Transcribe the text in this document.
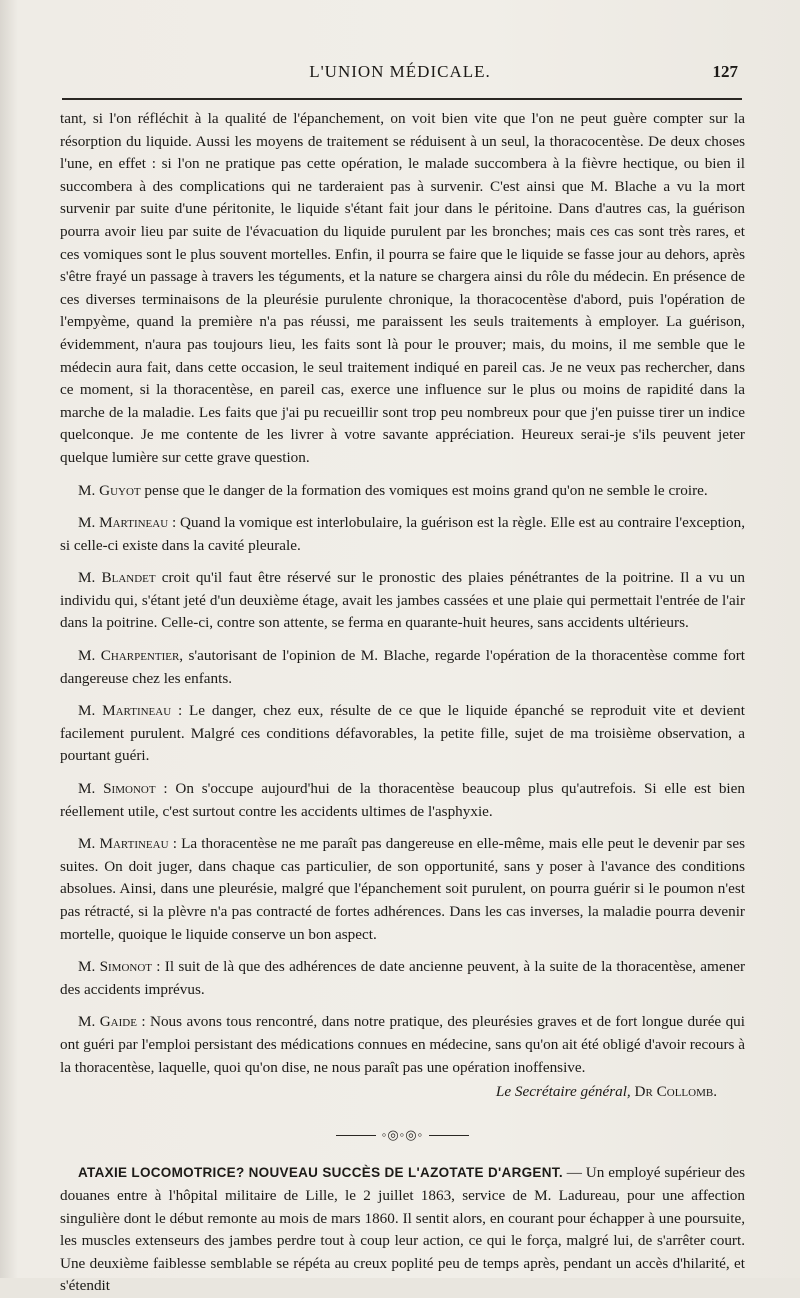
L'UNION MÉDICALE.	127

tant, si l'on réfléchit à la qualité de l'épanchement, on voit bien vite que l'on ne peut guère compter sur la résorption du liquide. Aussi les moyens de traitement se réduisent à un seul, la thoracocentèse. De deux choses l'une, en effet : si l'on ne pratique pas cette opération, le malade succombera à la fièvre hectique, ou bien il succombera à des complications qui ne tarderaient pas à survenir. C'est ainsi que M. Blache a vu la mort survenir par suite d'une péritonite, le liquide s'étant fait jour dans le péritoine. Dans d'autres cas, la guérison pourra avoir lieu par suite de l'évacuation du liquide purulent par les bronches; mais ces cas sont très rares, et ces vomiques sont le plus souvent mortelles. Enfin, il pourra se faire que le liquide se fasse jour au dehors, après s'être frayé un passage à travers les téguments, et la nature se chargera ainsi du rôle du médecin. En présence de ces diverses terminaisons de la pleurésie purulente chronique, la thoracocentèse d'abord, puis l'opération de l'empyème, quand la première n'a pas réussi, me paraissent les seuls traitements à employer. La guérison, évidemment, n'aura pas toujours lieu, les faits sont là pour le prouver; mais, du moins, il me semble que le médecin aura fait, dans cette occasion, le seul traitement indiqué en pareil cas. Je ne veux pas rechercher, dans ce moment, si la thoracentèse, en pareil cas, exerce une influence sur le plus ou moins de rapidité dans la marche de la maladie. Les faits que j'ai pu recueillir sont trop peu nombreux pour que j'en puisse tirer un indice quelconque. Je me contente de les livrer à votre savante appréciation. Heureux serai-je s'ils peuvent jeter quelque lumière sur cette grave question.

M. Guyot pense que le danger de la formation des vomiques est moins grand qu'on ne semble le croire.

M. Martineau : Quand la vomique est interlobulaire, la guérison est la règle. Elle est au contraire l'exception, si celle-ci existe dans la cavité pleurale.

M. Blandet croit qu'il faut être réservé sur le pronostic des plaies pénétrantes de la poitrine. Il a vu un individu qui, s'étant jeté d'un deuxième étage, avait les jambes cassées et une plaie qui permettait l'entrée de l'air dans la poitrine. Celle-ci, contre son attente, se ferma en quarante-huit heures, sans accidents ultérieurs.

M. Charpentier, s'autorisant de l'opinion de M. Blache, regarde l'opération de la thoracentèse comme fort dangereuse chez les enfants.

M. Martineau : Le danger, chez eux, résulte de ce que le liquide épanché se reproduit vite et devient facilement purulent. Malgré ces conditions défavorables, la petite fille, sujet de ma troisième observation, a pourtant guéri.

M. Simonot : On s'occupe aujourd'hui de la thoracentèse beaucoup plus qu'autrefois. Si elle est bien réellement utile, c'est surtout contre les accidents ultimes de l'asphyxie.

M. Martineau : La thoracentèse ne me paraît pas dangereuse en elle-même, mais elle peut le devenir par ses suites. On doit juger, dans chaque cas particulier, de son opportunité, sans y poser à l'avance des conditions absolues. Ainsi, dans une pleurésie, malgré que l'épanchement soit purulent, on pourra guérir si le poumon n'est pas rétracté, si la plèvre n'a pas contracté de fortes adhérences. Dans les cas inverses, la maladie pourra devenir mortelle, quoique le liquide conserve un bon aspect.

M. Simonot : Il suit de là que des adhérences de date ancienne peuvent, à la suite de la thoracentèse, amener des accidents imprévus.

M. Gaide : Nous avons tous rencontré, dans notre pratique, des pleurésies graves et de fort longue durée qui ont guéri par l'emploi persistant des médications connues en médecine, sans qu'on ait été obligé d'avoir recours à la thoracentèse, laquelle, quoi qu'on dise, ne nous paraît pas une opération inoffensive.

Le Secrétaire général, Dr Collomb.
◦◎◦◎◦

ATAXIE LOCOMOTRICE? NOUVEAU SUCCÈS DE L'AZOTATE D'ARGENT. — Un employé supérieur des douanes entre à l'hôpital militaire de Lille, le 2 juillet 1863, service de M. Ladureau, pour une affection singulière dont le début remonte au mois de mars 1860. Il sentit alors, en courant pour échapper à une poursuite, les muscles extenseurs des jambes perdre tout à coup leur action, ce qui le força, malgré lui, de s'arrêter court. Une deuxième faiblesse semblable se répéta au creux poplité peu de temps après, pendant un accès d'hilarité, et s'étendit
